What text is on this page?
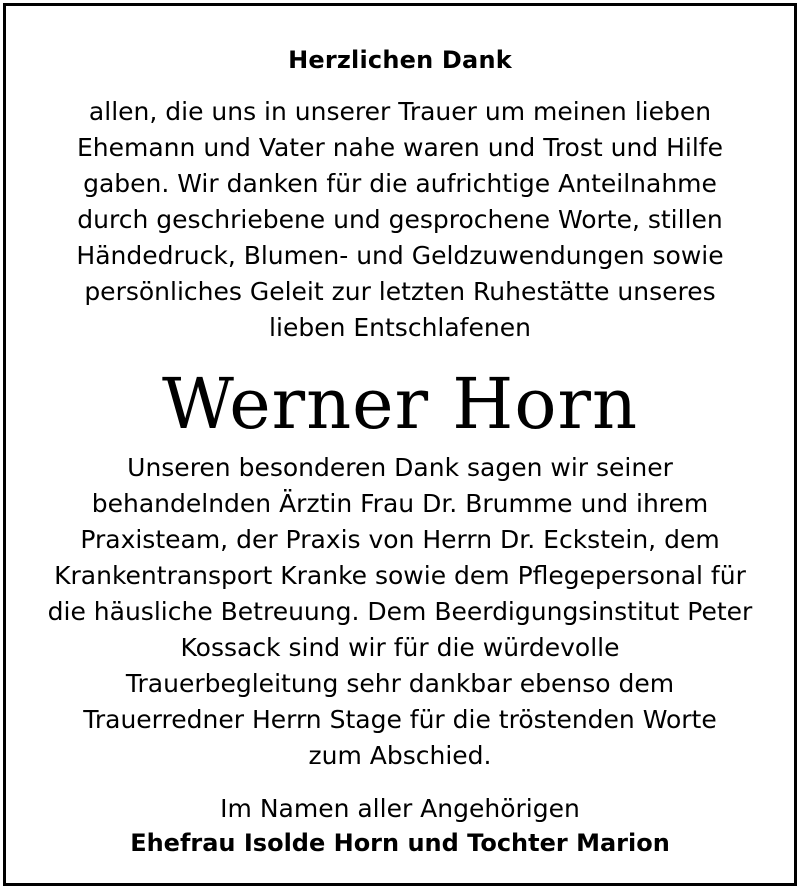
Herzlichen Dank
allen, die uns in unserer Trauer um meinen lieben
Ehemann und Vater nahe waren und Trost und Hilfe
gaben. Wir danken für die aufrichtige Anteilnahme
durch geschriebene und gesprochene Worte, stillen
Händedruck, Blumen- und Geldzuwendungen sowie
persönliches Geleit zur letzten Ruhestätte unseres
lieben Entschlafenen
Werner Horn
Unseren besonderen Dank sagen wir seiner
behandelnden Ärztin Frau Dr. Brumme und ihrem
Praxisteam, der Praxis von Herrn Dr. Eckstein, dem
Krankentransport Kranke sowie dem Pflegepersonal für
die häusliche Betreuung. Dem Beerdigungsinstitut Peter
Kossack sind wir für die würdevolle
Trauerbegleitung sehr dankbar ebenso dem
Trauerredner Herrn Stage für die tröstenden Worte
zum Abschied.
Im Namen aller Angehörigen
Ehefrau Isolde Horn und Tochter Marion
